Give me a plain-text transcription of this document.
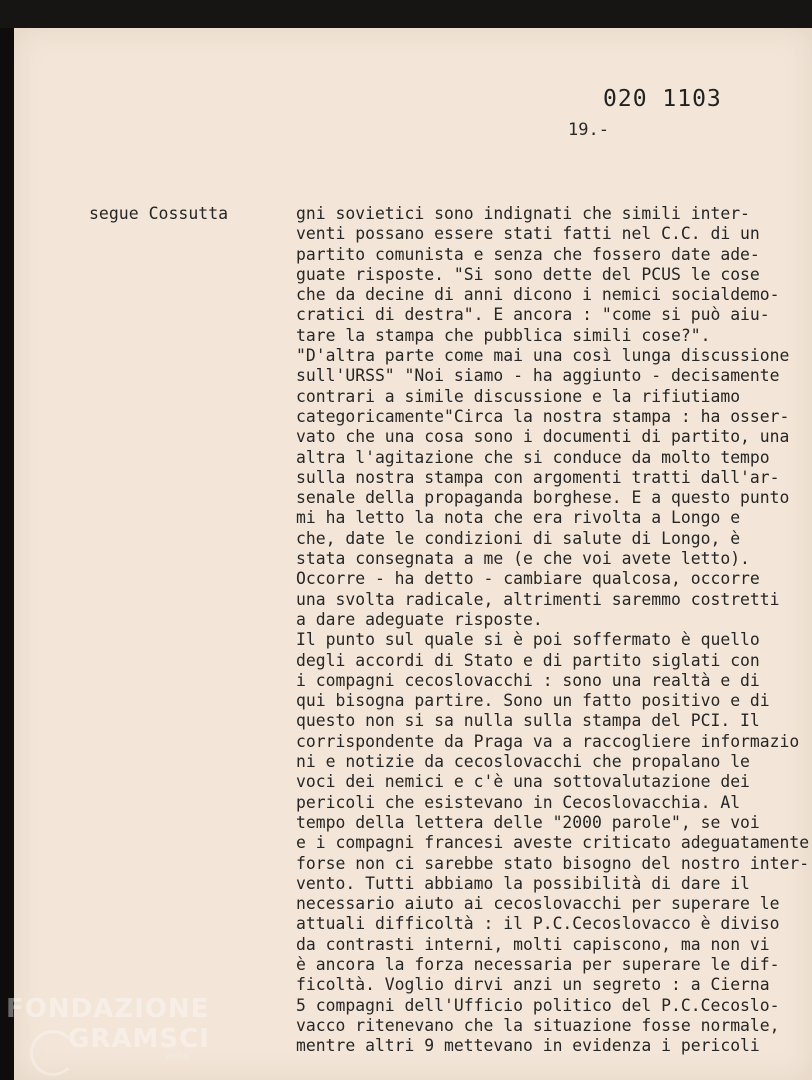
020 1103
19.-
segue Cossutta	gni sovietici sono indignati che simili inter-
venti possano essere stati fatti nel C.C. di un
partito comunista e senza che fossero date ade-
guate risposte. "Si sono dette del PCUS le cose
che da decine di anni dicono i nemici socialdemo-
cratici di destra". E ancora : "come si può aiu-
tare la stampa che pubblica simili cose?".
"D'altra parte come mai una così lunga discussione
sull'URSS" "Noi siamo - ha aggiunto - decisamente
contrari a simile discussione e la rifiutiamo
categoricamente"Circa la nostra stampa : ha osser-
vato che una cosa sono i documenti di partito, una
altra l'agitazione che si conduce da molto tempo
sulla nostra stampa con argomenti tratti dall'ar-
senale della propaganda borghese. E a questo punto
mi ha letto la nota che era rivolta a Longo e
che, date le condizioni di salute di Longo, è
stata consegnata a me (e che voi avete letto).
Occorre - ha detto - cambiare qualcosa, occorre
una svolta radicale, altrimenti saremmo costretti
a dare adeguate risposte.
Il punto sul quale si è poi soffermato è quello
degli accordi di Stato e di partito siglati con
i compagni cecoslovacchi : sono una realtà e di
qui bisogna partire. Sono un fatto positivo e di
questo non si sa nulla sulla stampa del PCI. Il
corrispondente da Praga va a raccogliere informazio
ni e notizie da cecoslovacchi che propalano le
voci dei nemici e c'è una sottovalutazione dei
pericoli che esistevano in Cecoslovacchia. Al
tempo della lettera delle "2000 parole", se voi
e i compagni francesi aveste criticato adeguatamente
forse non ci sarebbe stato bisogno del nostro inter-
vento. Tutti abbiamo la possibilità di dare il
necessario aiuto ai cecoslovacchi per superare le
attuali difficoltà : il P.C.Cecoslovacco è diviso
da contrasti interni, molti capiscono, ma non vi
è ancora la forza necessaria per superare le dif-
ficoltà. Voglio dirvi anzi un segreto : a Cierna
5 compagni dell'Ufficio politico del P.C.Cecoslo-
vacco ritenevano che la situazione fosse normale,
mentre altri 9 mettevano in evidenza i pericoli
FONDAZIONE
GRAMSCI
onlus
